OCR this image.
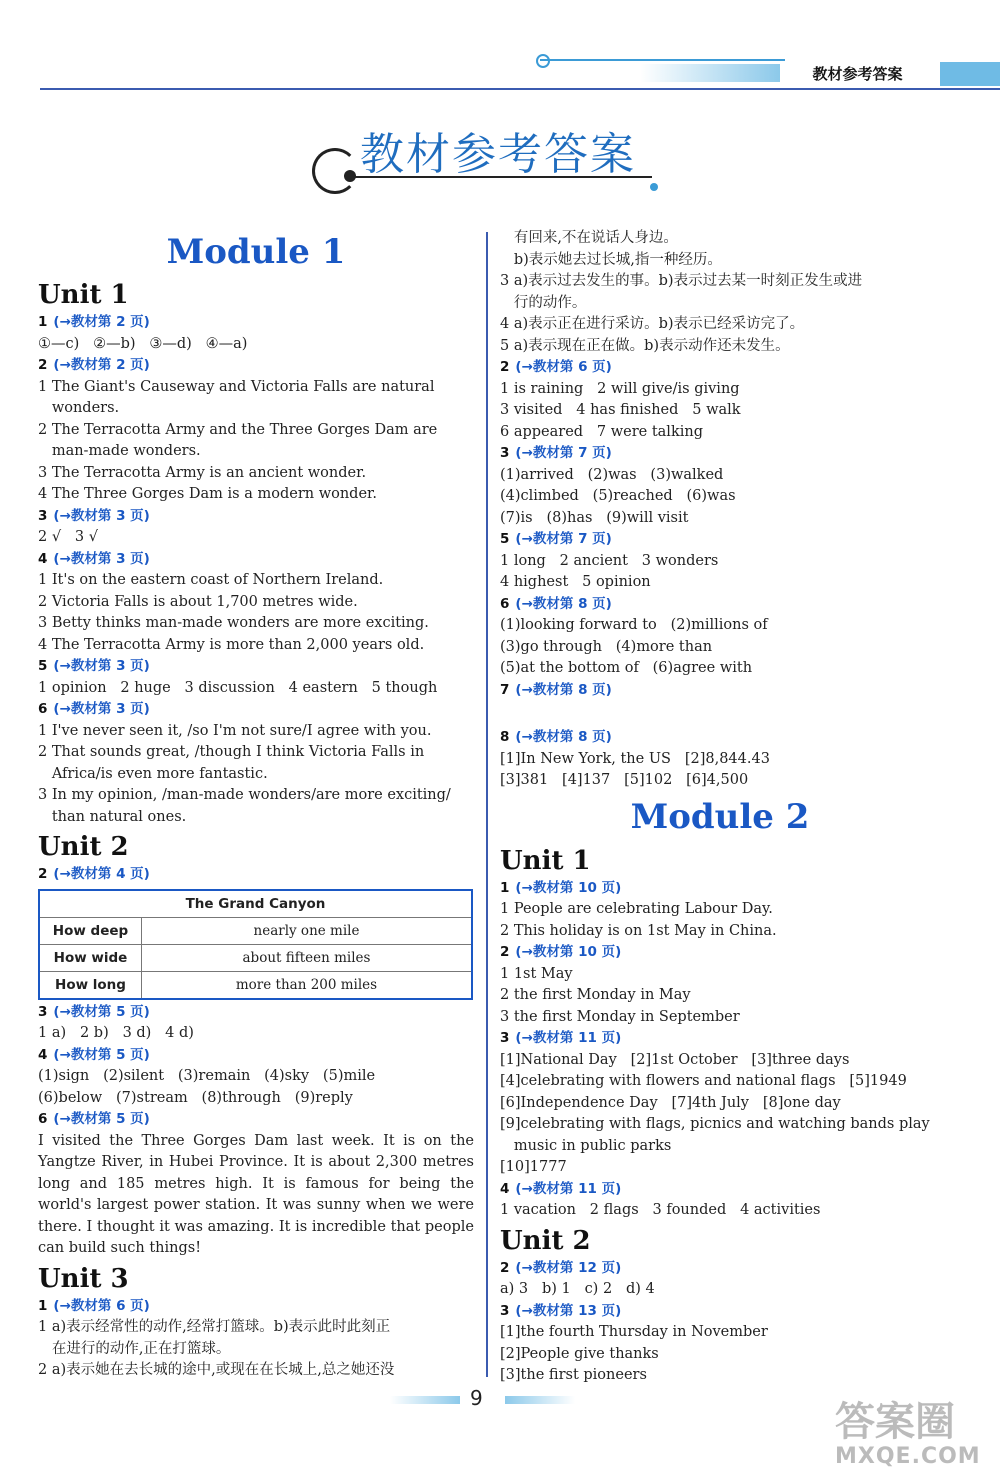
教材参考答案
教材参考答案
Module 1
Unit 1
1 (→教材第 2 页)
①—c)   ②—b)   ③—d)   ④—a)
2 (→教材第 2 页)
1 The Giant's Causeway and Victoria Falls are natural
wonders.
2 The Terracotta Army and the Three Gorges Dam are
man-made wonders.
3 The Terracotta Army is an ancient wonder.
4 The Three Gorges Dam is a modern wonder.
3 (→教材第 3 页)
2 √   3 √
4 (→教材第 3 页)
1 It's on the eastern coast of Northern Ireland.
2 Victoria Falls is about 1,700 metres wide.
3 Betty thinks man-made wonders are more exciting.
4 The Terracotta Army is more than 2,000 years old.
5 (→教材第 3 页)
1 opinion   2 huge   3 discussion   4 eastern   5 though
6 (→教材第 3 页)
1 I've never seen it, /so I'm not sure/I agree with you.
2 That sounds great, /though I think Victoria Falls in
Africa/is even more fantastic.
3 In my opinion, /man-made wonders/are more exciting/
than natural ones.
Unit 2
2 (→教材第 4 页)
The Grand Canyon	
How deep	nearly one mile
How wide	about fifteen miles
How long	more than 200 miles
3 (→教材第 5 页)
1 a)   2 b)   3 d)   4 d)
4 (→教材第 5 页)
(1)sign   (2)silent   (3)remain   (4)sky   (5)mile
(6)below   (7)stream   (8)through   (9)reply
6 (→教材第 5 页)
I visited the Three Gorges Dam last week. It is on the Yangtze River, in Hubei Province. It is about 2,300 metres long and 185 metres high. It is famous for being the world's largest power station. It was sunny when we were there. I thought it was amazing. It is incredible that people can build such things!
Unit 3
1 (→教材第 6 页)
1 a)表示经常性的动作,经常打篮球。b)表示此时此刻正
在进行的动作,正在打篮球。
2 a)表示她在去长城的途中,或现在在长城上,总之她还没
有回来,不在说话人身边。
b)表示她去过长城,指一种经历。
3 a)表示过去发生的事。b)表示过去某一时刻正发生或进
行的动作。
4 a)表示正在进行采访。b)表示已经采访完了。
5 a)表示现在正在做。b)表示动作还未发生。
2 (→教材第 6 页)
1 is raining   2 will give/is giving
3 visited   4 has finished   5 walk
6 appeared   7 were talking
3 (→教材第 7 页)
(1)arrived   (2)was   (3)walked
(4)climbed   (5)reached   (6)was
(7)is   (8)has   (9)will visit
5 (→教材第 7 页)
1 long   2 ancient   3 wonders
4 highest   5 opinion
6 (→教材第 8 页)
(1)looking forward to   (2)millions of
(3)go through   (4)more than
(5)at the bottom of   (6)agree with
7 (→教材第 8 页)

8 (→教材第 8 页)
[1]In New York, the US   [2]8,844.43
[3]381   [4]137   [5]102   [6]4,500
Module 2
Unit 1
1 (→教材第 10 页)
1 People are celebrating Labour Day.
2 This holiday is on 1st May in China.
2 (→教材第 10 页)
1 1st May
2 the first Monday in May
3 the first Monday in September
3 (→教材第 11 页)
[1]National Day   [2]1st October   [3]three days
[4]celebrating with flowers and national flags   [5]1949
[6]Independence Day   [7]4th July   [8]one day
[9]celebrating with flags, picnics and watching bands play
music in public parks
[10]1777
4 (→教材第 11 页)
1 vacation   2 flags   3 founded   4 activities
Unit 2
2 (→教材第 12 页)
a) 3   b) 1   c) 2   d) 4
3 (→教材第 13 页)
[1]the fourth Thursday in November
[2]People give thanks
[3]the first pioneers
9
答案圈
MXQE.COM
